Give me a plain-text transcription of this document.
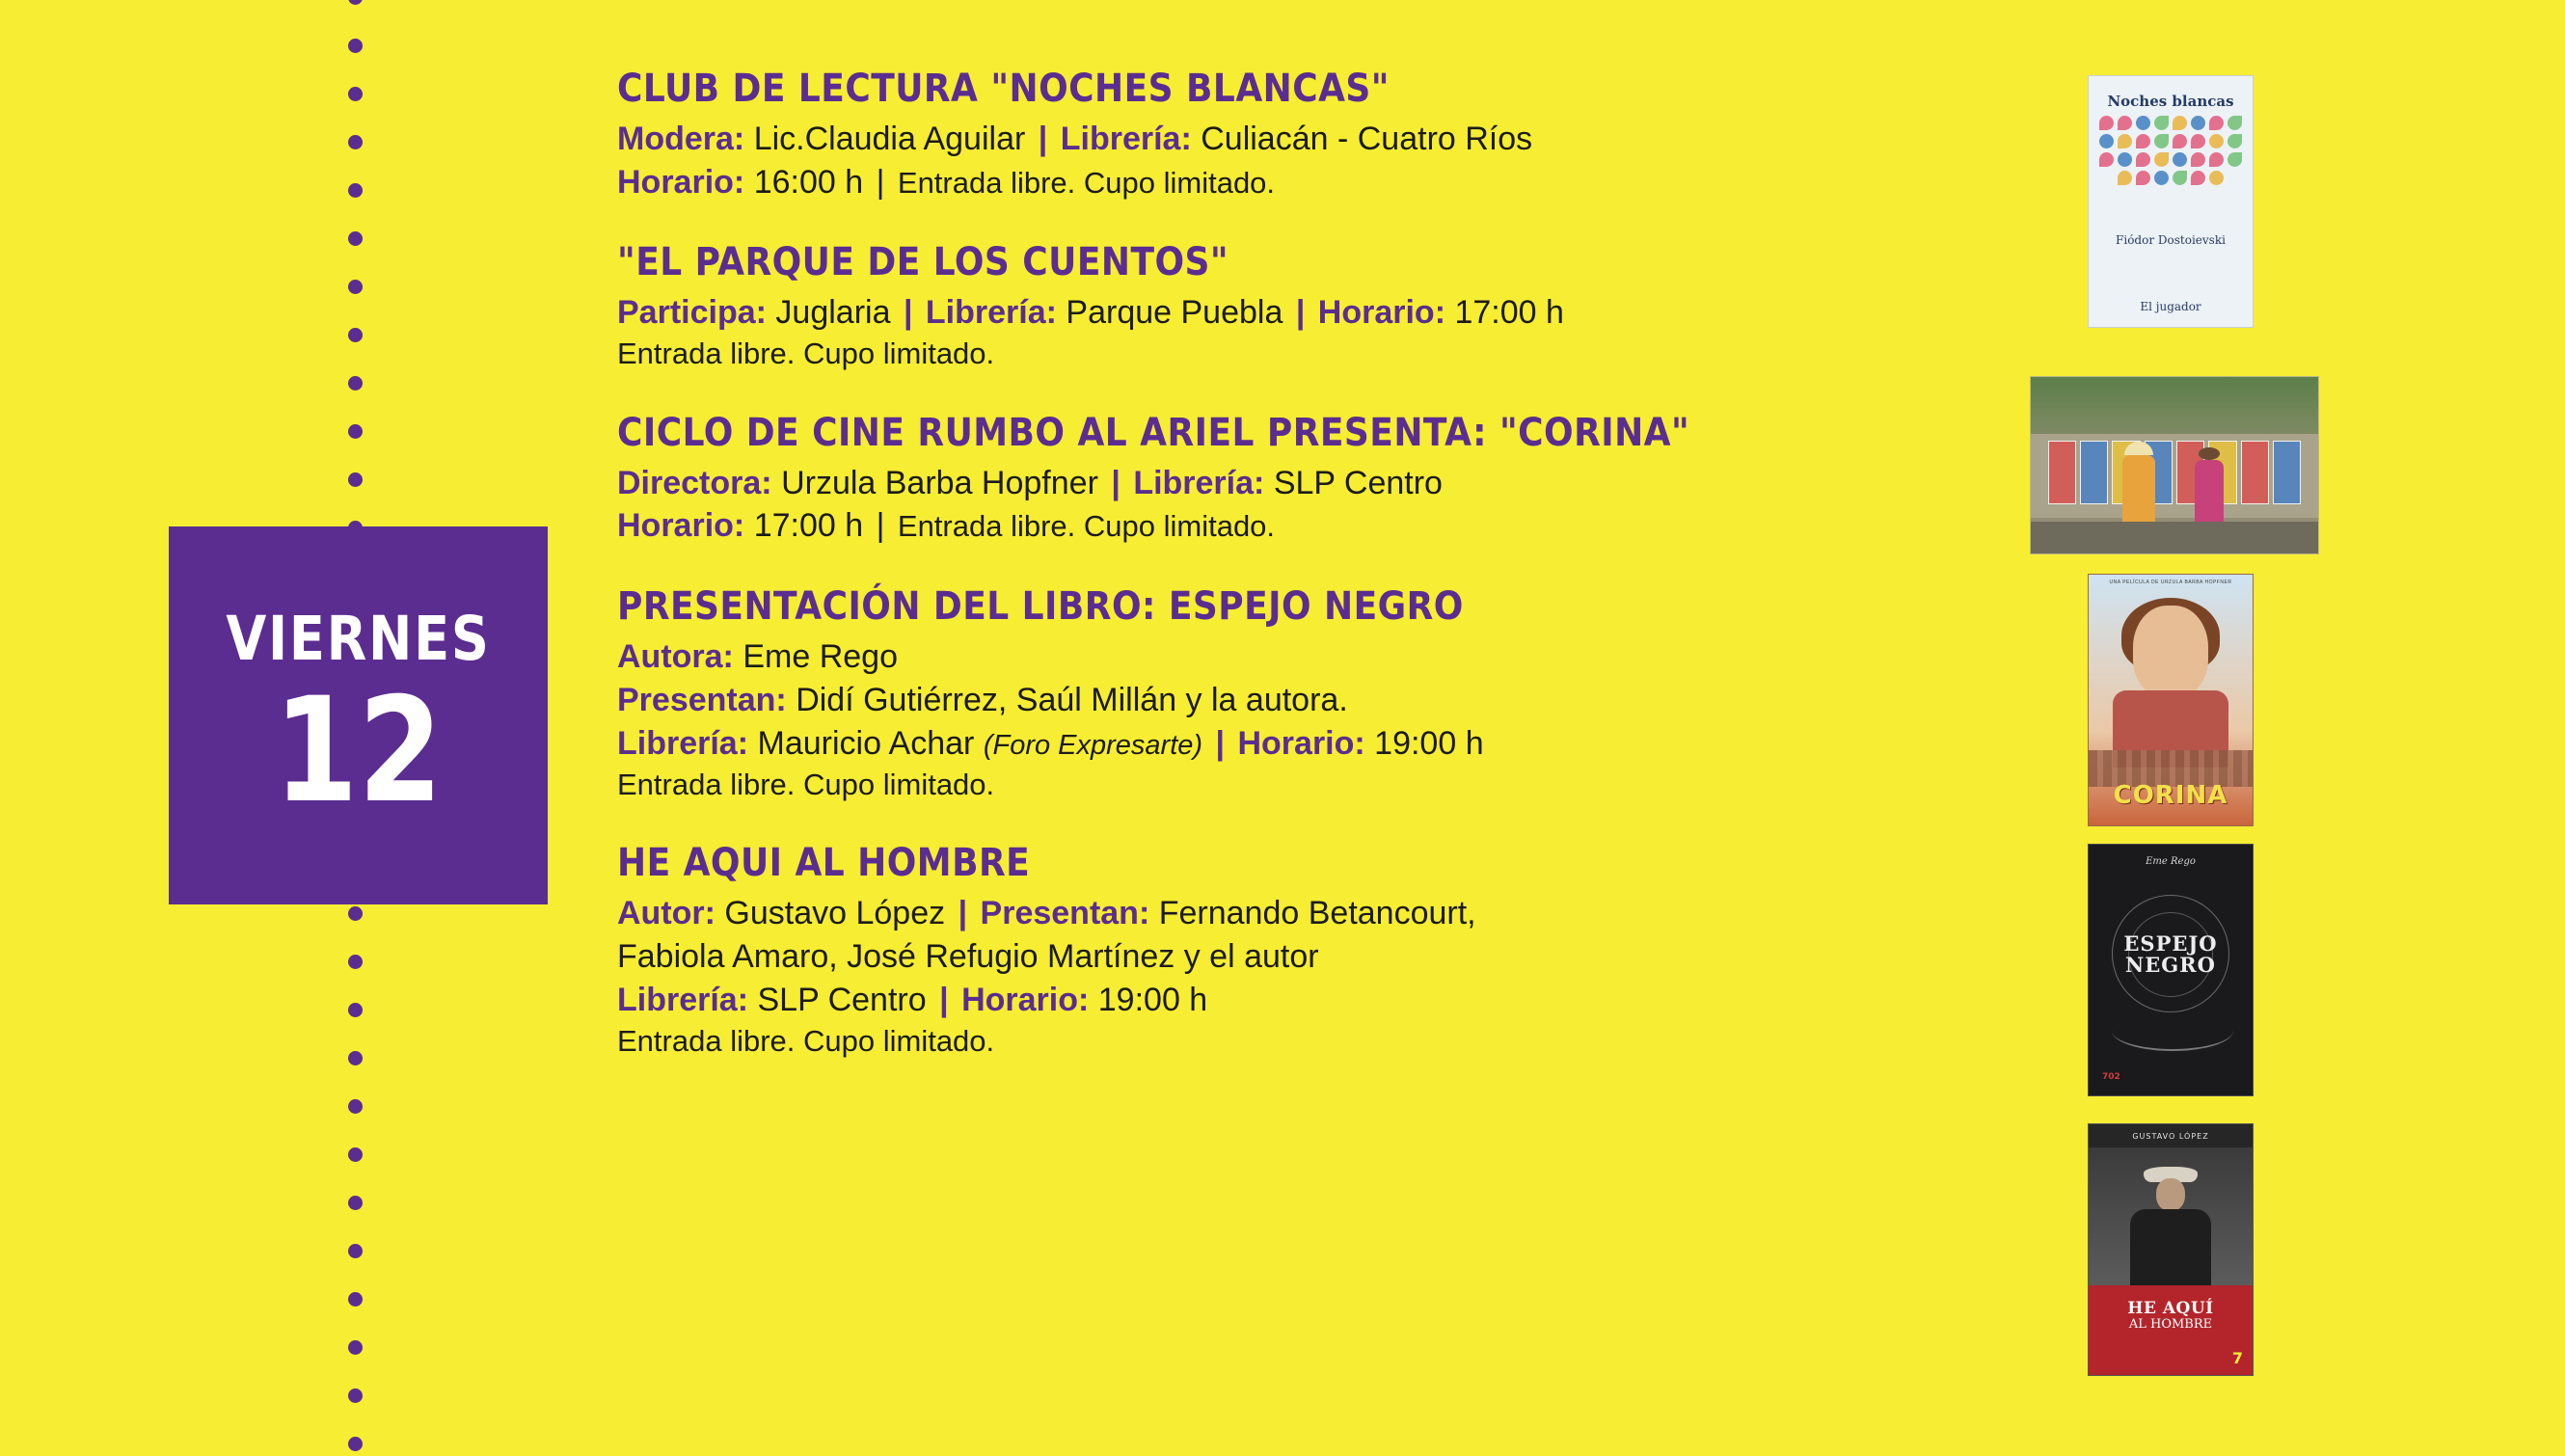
VIERNES
12
CLUB DE LECTURA "NOCHES BLANCAS"
Modera: Lic.Claudia Aguilar | Librería: Culiacán - Cuatro Ríos
Horario: 16:00 h | Entrada libre. Cupo limitado.
"EL PARQUE DE LOS CUENTOS"
Participa: Juglaria | Librería: Parque Puebla | Horario: 17:00 h
Entrada libre. Cupo limitado.
CICLO DE CINE RUMBO AL ARIEL PRESENTA: "CORINA"
Directora: Urzula Barba Hopfner | Librería: SLP Centro
Horario: 17:00 h | Entrada libre. Cupo limitado.
PRESENTACIÓN DEL LIBRO: ESPEJO NEGRO
Autora: Eme Rego
Presentan: Didí Gutiérrez, Saúl Millán y la autora.
Librería: Mauricio Achar (Foro Expresarte) | Horario: 19:00 h
Entrada libre. Cupo limitado.
HE AQUI AL HOMBRE
Autor: Gustavo López | Presentan: Fernando Betancourt,
Fabiola Amaro, José Refugio Martínez y el autor
Librería: SLP Centro | Horario: 19:00 h
Entrada libre. Cupo limitado.
Noches blancas
Fiódor Dostoievski
El jugador
UNA PELÍCULA DE URZULA BARBA HOPFNER
CORINA
Eme Rego
ESPEJO
NEGRO
702
GUSTAVO LÓPEZ
HE AQUÍ
AL HOMBRE
7
